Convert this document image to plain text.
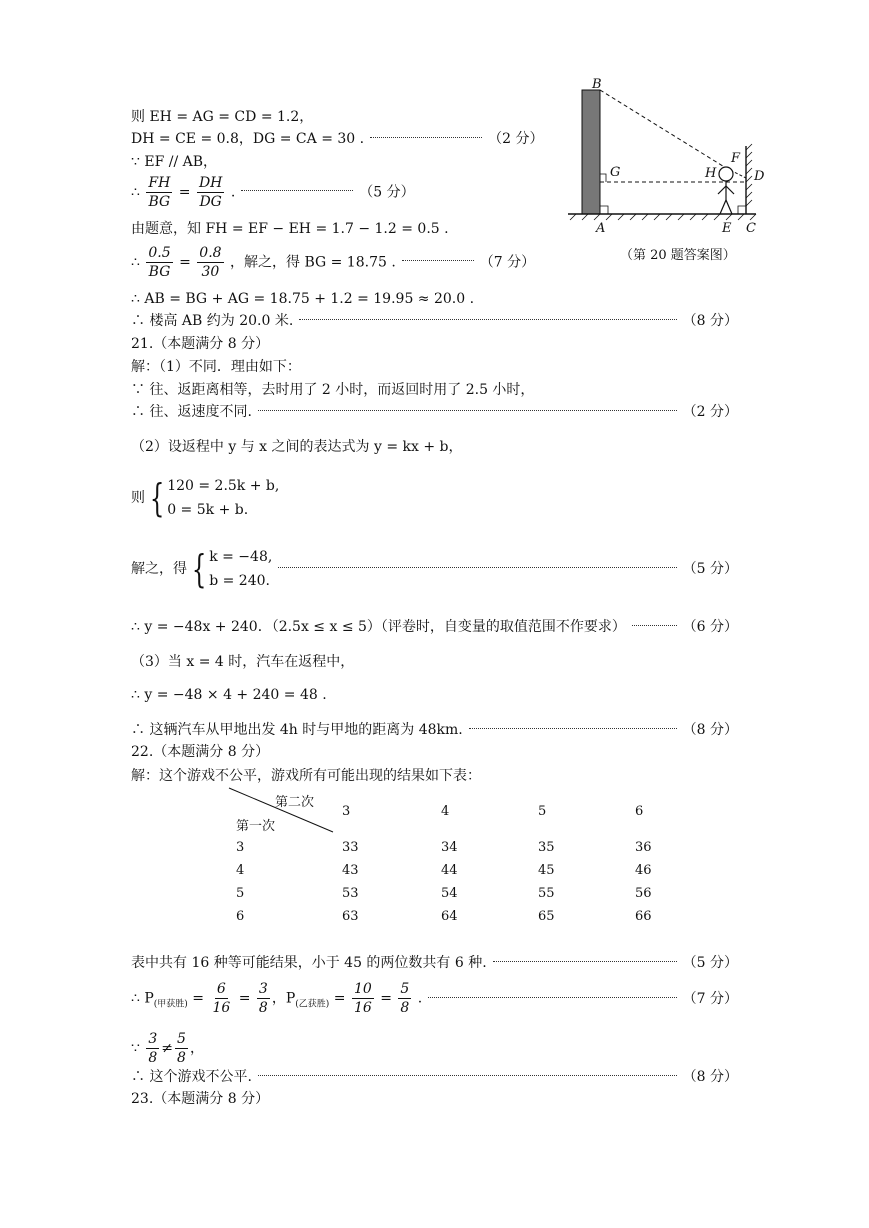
B
G
A
H
F
D
E C
（第 20 题答案图）
则 EH = AG = CD = 1.2，
DH = CE = 0.8，DG = CA = 30 .	（2 分）
∵ EF // AB，
∴ $\frac{FH}{BG} = \frac{DH}{DG}$ .	（5 分）
由题意，知 FH = EF − EH = 1.7 − 1.2 = 0.5 .
∴ $\frac{0.5}{BG} = \frac{0.8}{30}$ ，解之，得 BG = 18.75 .	（7 分）
∴ AB = BG + AG = 18.75 + 1.2 = 19.95 ≈ 20.0 .
∴ 楼高 AB 约为 20.0 米.	（8 分）
21.（本题满分 8 分）
解：（1）不同．理由如下：
∵ 往、返距离相等，去时用了 2 小时，而返回时用了 2.5 小时，
∴ 往、返速度不同.	（2 分）
（2）设返程中 y 与 x 之间的表达式为 y = kx + b，
则 { 120 = 2.5k + b,
0 = 5k + b.
解之，得 { k = −48,
b = 240.
（5 分）
∴ y = −48x + 240．（2.5x ≤ x ≤ 5）（评卷时，自变量的取值范围不作要求）	（6 分）
（3）当 x = 4 时，汽车在返程中，
∴ y = −48 × 4 + 240 = 48 .
∴ 这辆汽车从甲地出发 4h 时与甲地的距离为 48km.	（8 分）
22.（本题满分 8 分）
解：这个游戏不公平，游戏所有可能出现的结果如下表：
第二次
第一次
	3	4	5	6
3	33	34	35	36
4	43	44	45	46
5	53	54	55	56
6	63	64	65	66
表中共有 16 种等可能结果，小于 45 的两位数共有 6 种.	（5 分）
∴ $P_{(甲获胜)} = \frac{6}{16} = \frac{3}{8}$ ，$P_{(乙获胜)} = \frac{10}{16} = \frac{5}{8}$ .	（7 分）
∵ $\frac{3}{8} \ne \frac{5}{8}$ ，
∴ 这个游戏不公平.	（8 分）
23.（本题满分 8 分）
